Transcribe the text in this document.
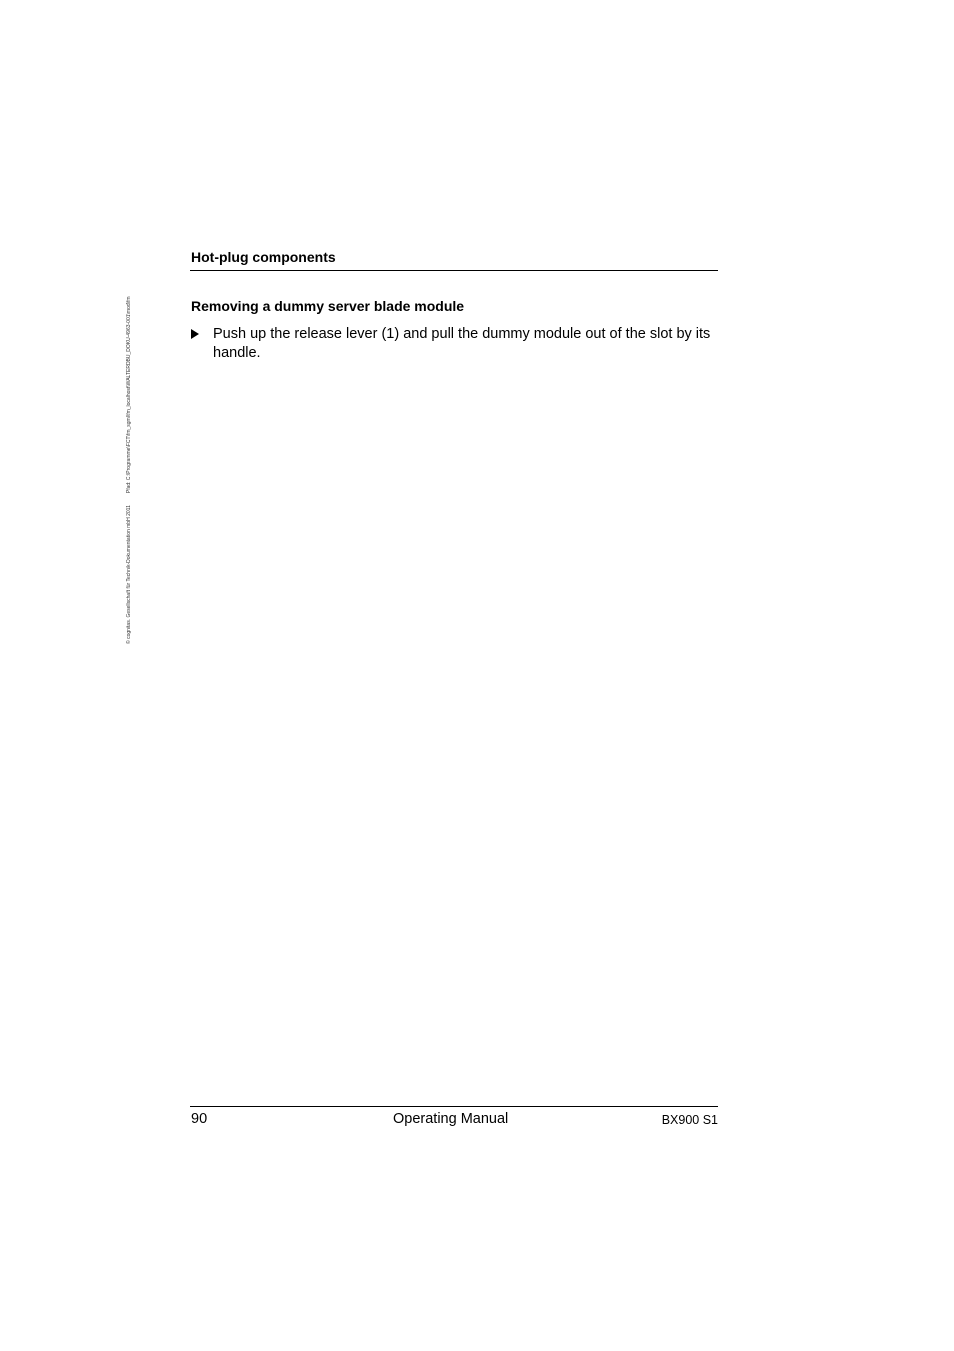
© cognitas. Gesellschaft für Technik-Dokumentation mbH 2011Pfad: C:\Programme\FCT\fm_sgml\fm_localhost\WALTERDBU_DOKU-4963-001\mod\fm
Hot-plug components
Removing a dummy server blade module
Push up the release lever (1) and pull the dummy module out of the slot by its handle.
90	Operating Manual	BX900 S1
